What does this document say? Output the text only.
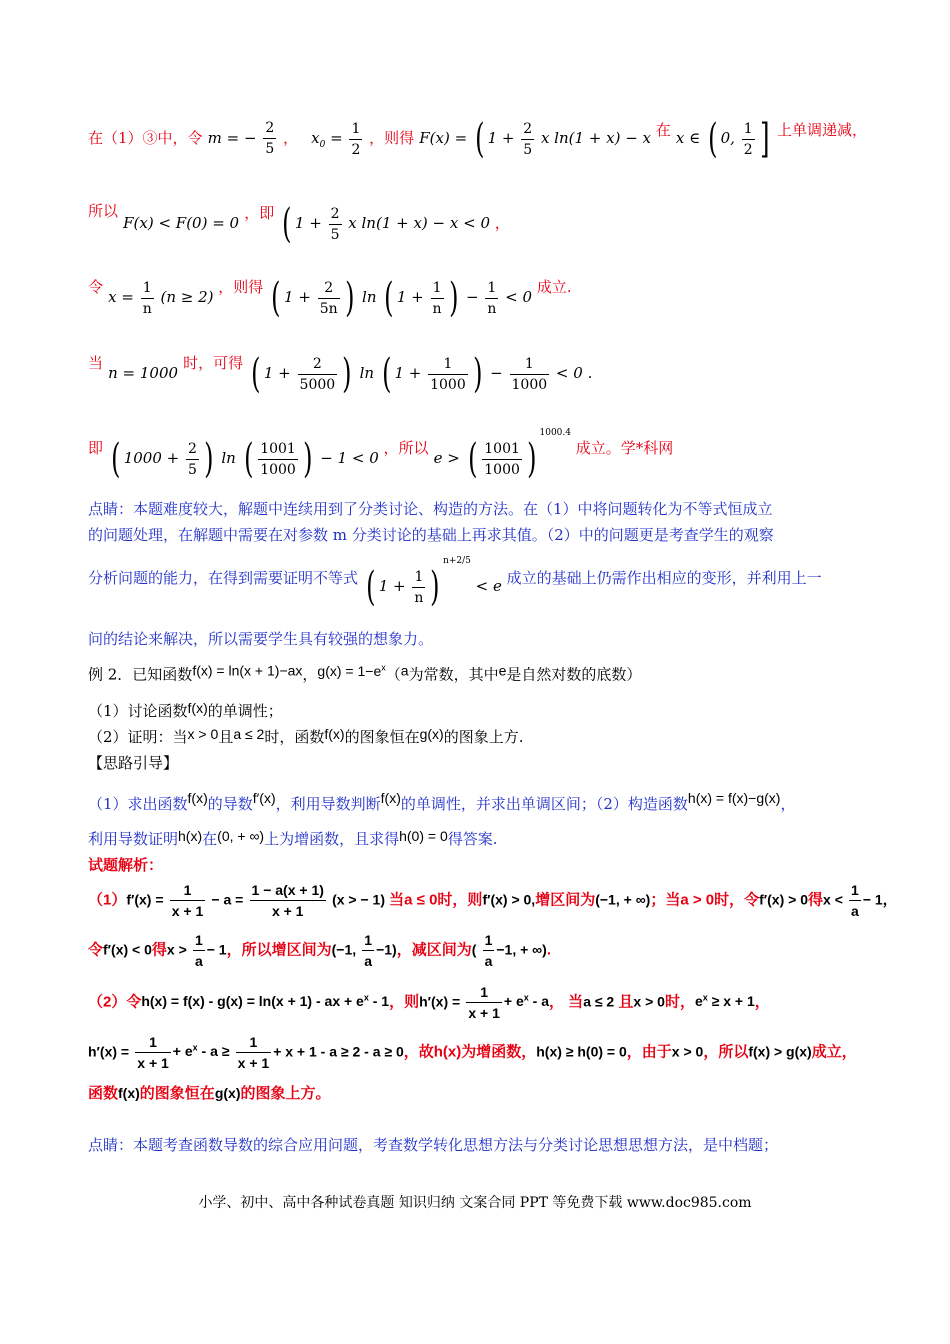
在（1）③中，令 m = − $\frac{2}{5}$ ， $x_0 = \frac{1}{2}$ ，则得 F(x) = ( $1 + \frac{2}{5}$ x ln(1 + x) − x 在 x ∈ ( 0, $\frac{1}{2}$ ] 上单调递减，
所以 F(x) < F(0) = 0 ，即 ( $1 + \frac{2}{5}$ x ln(1 + x) − x < 0 ，
令 $x = \frac{1}{n} (n \ge 2)$ ，则得 ( $1 + \frac{2}{5n}$ ) ln ( $1 + \frac{1}{n}$ ) − $\frac{1}{n} < 0$ 成立.
当 n = 1000 时，可得 ( $1 + \frac{2}{5000}$ ) ln ( $1 + \frac{1}{1000}$ ) − $\frac{1}{1000} < 0$ .
即 ( $1000 + \frac{2}{5}$ ) ln ( $\frac{1001}{1000}$ ) − 1 < 0 ，所以 e > ( $\frac{1001}{1000} )^{1000.4}$ 成立。学*科网
点睛：本题难度较大，解题中连续用到了分类讨论、构造的方法。在（1）中将问题转化为不等式恒成立
的问题处理，在解题中需要在对参数 m 分类讨论的基础上再求其值。（2）中的问题更是考查学生的观察
分析问题的能力，在得到需要证明不等式 ( $1 + \frac{1}{n} )^{n+2/5} < e$ 成立的基础上仍需作出相应的变形，并利用上一
问的结论来解决，所以需要学生具有较强的想象力。
例 2．已知函数f(x) = ln(x + 1)−ax，$g(x) = 1-e^x(a$为常数，其中e是自然对数的底数）
（1）讨论函数f(x)的单调性；
（2）证明：当x > 0且a ≤ 2时，函数f(x)的图象恒在g(x)的图象上方.
【思路引导】
（1）求出函数f(x)的导数f′(x)，利用导数判断f(x)的单调性，并求出单调区间；（2）构造函数h(x) = f(x)−g(x)，
利用导数证明h(x)在(0, + ∞)上为增函数，且求得h(0) = 0得答案.
试题解析：
$(1)f'(x) = \frac{1}{x + 1} - a = \frac{1 - a(x + 1)}{x + 1} (x$ > − 1) 当a ≤ 0时，则f′(x) > 0,增区间为(−1, + ∞)；当a > 0时，令f′(x) > 0得$x < \frac{1}{a} - 1$，
令f′(x) < 0得$x > \frac{1}{a} - 1$，所以增区间为(−1, $\frac{1}{a} -1$)，减区间为( $\frac{1}{a} -1$, + ∞).
（2）令h(x) = f(x) - g(x) = ln(x + 1) - ax + $e^x - 1$，则$h'(x) = \frac{1}{x + 1} + e^x - a$， 当a ≤ 2 且x > 0时，$e^x \ge x + 1$，
$h'(x) = \frac{1}{x + 1} + e^x - a \ge \frac{1}{x + 1} + x + 1 - a \ge 2 - a \ge 0$，故h(x)为增函数，h(x) ≥ h(0) = 0，由于x > 0，所以f(x) > g(x)成立，
函数f(x)的图象恒在g(x)的图象上方。
点睛：本题考查函数导数的综合应用问题，考查数学转化思想方法与分类讨论思想思想方法，是中档题；
小学、初中、高中各种试卷真题 知识归纳 文案合同 PPT 等免费下载 www.doc985.com
